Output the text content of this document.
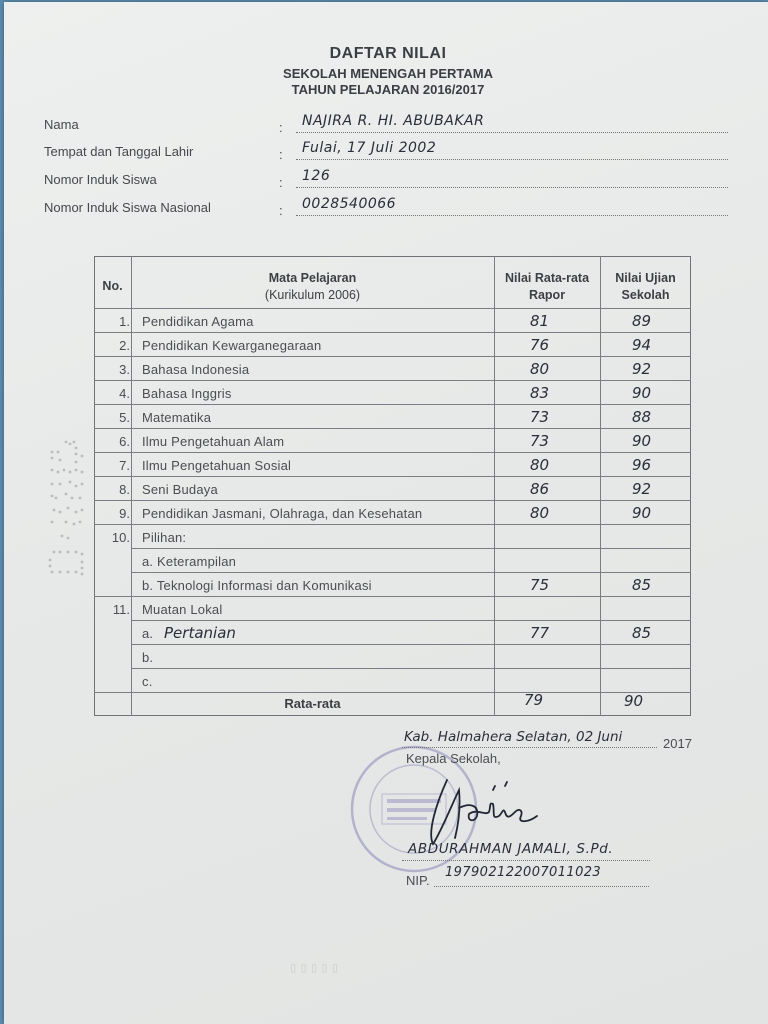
DAFTAR NILAI
SEKOLAH MENENGAH PERTAMA
TAHUN PELAJARAN 2016/2017
Nama	: NAJIRA R. HI. ABUBAKAR
Tempat dan Tanggal Lahir	: Fulai, 17 Juli 2002
Nomor Induk Siswa	: 126
Nomor Induk Siswa Nasional	: 0028540066
No.
Mata Pelajaran
(Kurikulum 2006)
Nilai Rata-rata
Rapor
Nilai Ujian
Sekolah
1. Pendidikan Agama	81	89
2. Pendidikan Kewarganegaraan	76	94
3. Bahasa Indonesia	80	92
4. Bahasa Inggris	83	90
5. Matematika	73	88
6. Ilmu Pengetahuan Alam	73	90
7. Ilmu Pengetahuan Sosial	80	96
8. Seni Budaya	86	92
9. Pendidikan Jasmani, Olahraga, dan Kesehatan	80	90
10. Pilihan:
a. Keterampilan
b. Teknologi Informasi dan Komunikasi	75	85
11. Muatan Lokal
a. Pertanian	77	85
b.
c.
Rata-rata	79	90
Kab. Halmahera Selatan, 02 Juni	2017
Kepala Sekolah,
ABDURAHMAN JAMALI, S.Pd.
NIP.
197902122007011023
▯▯▯▯▯
